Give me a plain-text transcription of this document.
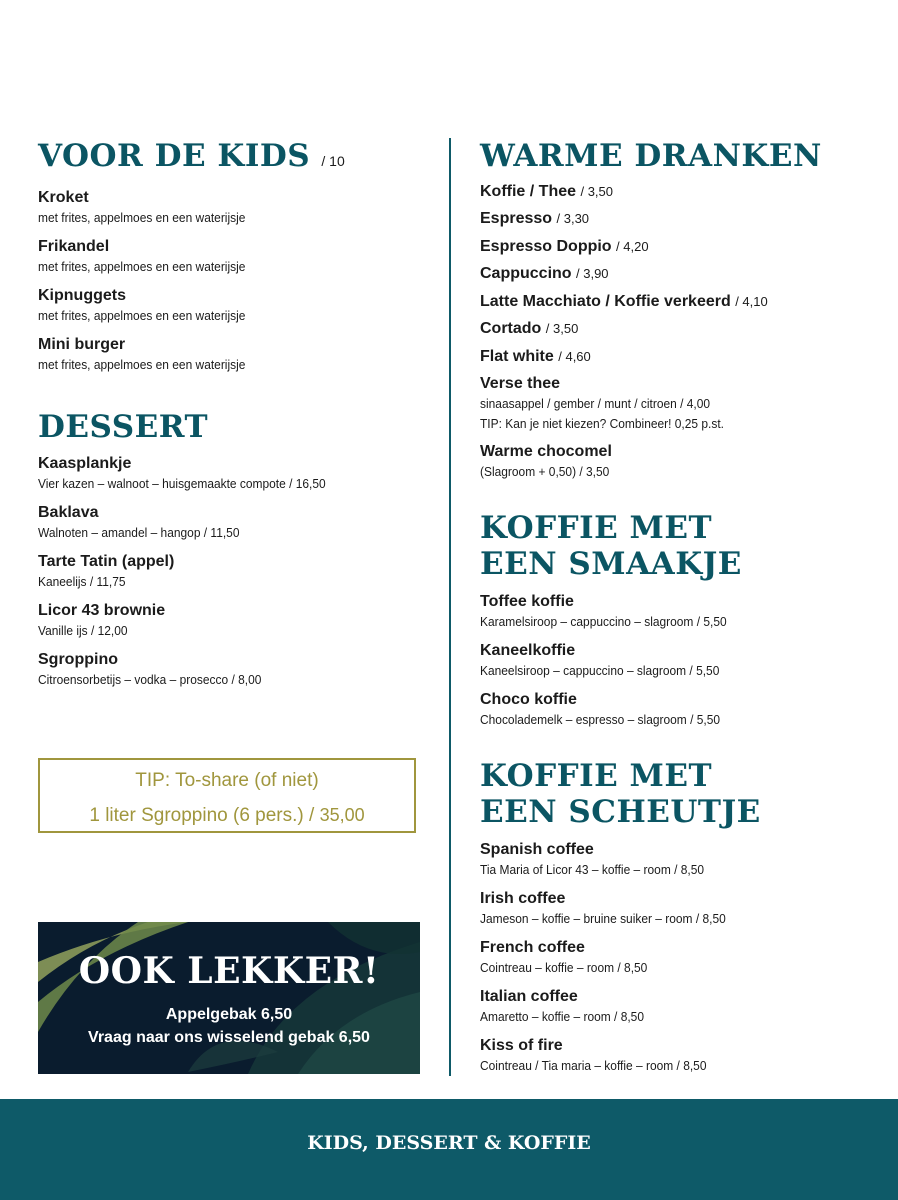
VOOR DE KIDS / 10
Kroket
met frites, appelmoes en een waterijsje
Frikandel
met frites, appelmoes en een waterijsje
Kipnuggets
met frites, appelmoes en een waterijsje
Mini burger
met frites, appelmoes en een waterijsje
DESSERT
Kaasplankje
Vier kazen – walnoot – huisgemaakte compote / 16,50
Baklava
Walnoten – amandel – hangop / 11,50
Tarte Tatin (appel)
Kaneelijs / 11,75
Licor 43 brownie
Vanille ijs / 12,00
Sgroppino
Citroensorbetijs – vodka – prosecco / 8,00
TIP: To-share (of niet)
1 liter Sgroppino (6 pers.) / 35,00
OOK LEKKER!
Appelgebak 6,50
Vraag naar ons wisselend gebak 6,50
WARME DRANKEN
Koffie / Thee / 3,50
Espresso / 3,30
Espresso Doppio / 4,20
Cappuccino / 3,90
Latte Macchiato / Koffie verkeerd / 4,10
Cortado / 3,50
Flat white / 4,60
Verse thee
sinaasappel / gember / munt / citroen / 4,00
TIP: Kan je niet kiezen? Combineer! 0,25 p.st.
Warme chocomel
(Slagroom + 0,50) / 3,50
KOFFIE MET
EEN SMAAKJE
Toffee koffie
Karamelsiroop – cappuccino – slagroom / 5,50
Kaneelkoffie
Kaneelsiroop – cappuccino – slagroom / 5,50
Choco koffie
Chocolademelk – espresso – slagroom / 5,50
KOFFIE MET
EEN SCHEUTJE
Spanish coffee
Tia Maria of Licor 43 – koffie – room / 8,50
Irish coffee
Jameson – koffie – bruine suiker – room / 8,50
French coffee
Cointreau – koffie – room / 8,50
Italian coffee
Amaretto – koffie – room / 8,50
Kiss of fire
Cointreau / Tia maria – koffie – room / 8,50
KIDS, DESSERT & KOFFIE
